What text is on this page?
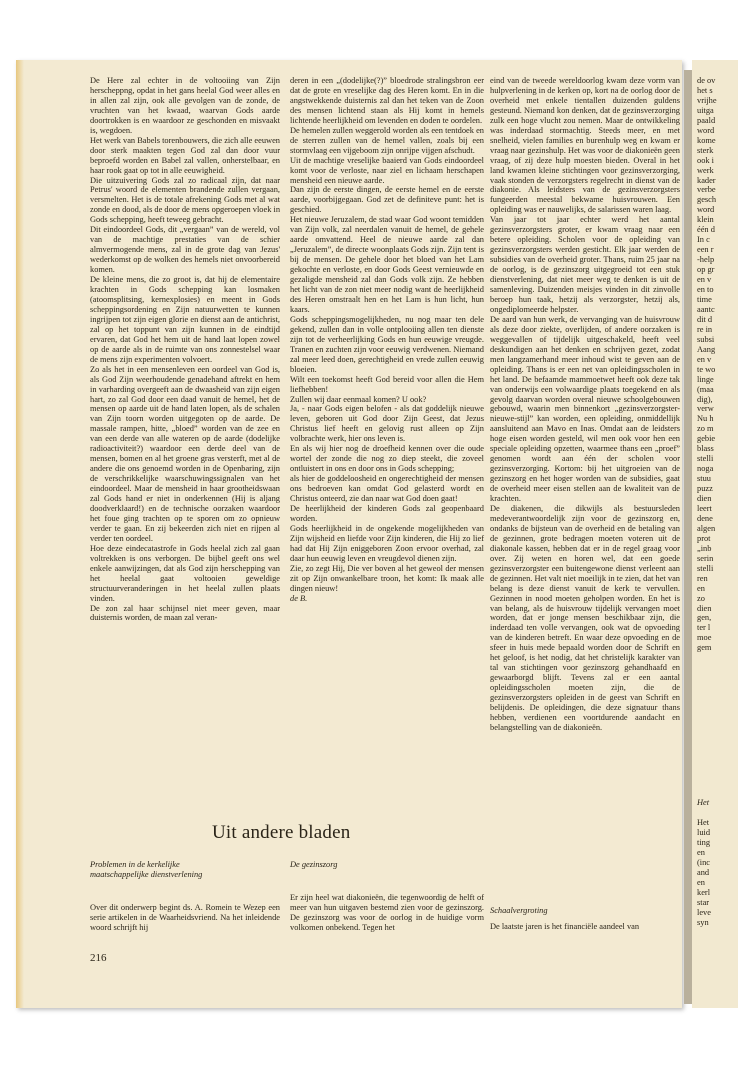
De Here zal echter in de voltooiing van Zijn herscheppng, opdat in het gans heelal God weer alles en in allen zal zijn, ook alle gevolgen van de zonde, de vruchten van het kwaad, waarvan Gods aarde doortrokken is en waardoor ze geschonden en misvaakt is, wegdoen.

Het werk van Babels torenbouwers, die zich alle eeuwen door sterk maakten tegen God zal dan door vuur beproefd worden en Babel zal vallen, onherstelbaar, en haar rook gaat op tot in alle eeuwigheid.

Die uitzuivering Gods zal zo radicaal zijn, dat naar Petrus' woord de elementen brandende zullen vergaan, versmelten. Het is de totale afrekening Gods met al wat zonde en dood, als de door de mens opgeroepen vloek in Gods schepping, heeft teweeg gebracht.

Dit eindoordeel Gods, dit „vergaan” van de wereld, vol van de machtige prestaties van de schier almvermogende mens, zal in de grote dag van Jezus' wederkomst op de wolken des hemels niet onvoorbereid komen.

De kleine mens, die zo groot is, dat hij de elementaire krachten in Gods schepping kan losmaken (atoomsplitsing, kernexplosies) en meent in Gods scheppingsordening en Zijn natuurwetten te kunnen ingrijpen tot zijn eigen glorie en dienst aan de antichrist, zal op het toppunt van zijn kunnen in de eindtijd ervaren, dat God het hem uit de hand laat lopen zowel op de aarde als in de ruimte van ons zonnestelsel waar de mens zijn experimenten volvoert.

Zo als het in een mensenleven een oordeel van God is, als God Zijn weerhoudende genadehand aftrekt en hem in varharding overgeeft aan de dwaasheid van zijn eigen hart, zo zal God door een daad vanuit de hemel, het de mensen op aarde uit de hand laten lopen, als de schalen van Zijn toorn worden uitgegoten op de aarde. De massale rampen, hitte, „bloed” worden van de zee en van een derde van alle wateren op de aarde (dodelijke radioactiviteit?) waardoor een derde deel van de mensen, bomen en al het groene gras versterft, met al de andere die ons genoemd worden in de Openbaring, zijn de verschrikkelijke waarschuwingssignalen van het eindoordeel. Maar de mensheid in haar grootheidswaan zal Gods hand er niet in onderkennen (Hij is aljang doodverklaard!) en de technische oorzaken waardoor het foue ging trachten op te sporen om zo opnieuw verder te gaan. En zij bekeerden zich niet en rijpen al verder ten oordeel.

Hoe deze eindecatastrofe in Gods heelal zich zal gaan voltrekken is ons verborgen. De bijbel geeft ons wel enkele aanwijzingen, dat als God zijn herschepping van het heelal gaat voltooien geweldige structuurveranderingen in het heelal zullen plaats vinden.

De zon zal haar schijnsel niet meer geven, maar duisternis worden, de maan zal veran-

deren in een „(dodelijke(?)” bloedrode stralingsbron eer dat de grote en vreselijke dag des Heren komt. En in die angstwekkende duisternis zal dan het teken van de Zoon des mensen lichtend staan als Hij komt in hemels lichtende heerlijkheid om levenden en doden te oordelen.

De hemelen zullen weggerold worden als een tentdoek en de sterren zullen van de hemel vallen, zoals bij een stormvlaag een vijgeboom zijn onrijpe vijgen afschudt.

Uit de machtige vreselijke baaierd van Gods eindoordeel komt voor de verloste, naar ziel en lichaam herschapen mensheid een nieuwe aarde.

Dan zijn de eerste dingen, de eerste hemel en de eerste aarde, voorbijgegaan. God zet de definiteve punt: het is geschied.

Het nieuwe Jeruzalem, de stad waar God woont temidden van Zijn volk, zal neerdalen vanuit de hemel, de gehele aarde omvattend. Heel de nieuwe aarde zal dan „Jeruzalem”, de directe woonplaats Gods zijn. Zijn tent is bij de mensen. De gehele door het bloed van het Lam gekochte en verloste, en door Gods Geest vernieuwde en gezaligde mensheid zal dan Gods volk zijn. Ze hebben het licht van de zon niet meer nodig want de heerlijkheid des Heren omstraalt hen en het Lam is hun licht, hun kaars.

Gods scheppingsmogelijkheden, nu nog maar ten dele gekend, zullen dan in volle ontplooiing allen ten dienste zijn tot de verheerlijking Gods en hun eeuwige vreugde. Tranen en zuchten zijn voor eeuwig verdwenen. Niemand zal meer leed doen, gerechtigheid en vrede zullen eeuwig bloeien.

Wilt een toekomst heeft God bereid voor allen die Hem liefhebben!

Zullen wij daar eenmaal komen? U ook?

Ja, - naar Gods eigen belofen - als dat goddelijk nieuwe leven, geboren uit God door Zijn Geest, dat Jezus Christus lief heeft en gelovig rust alleen op Zijn volbrachte werk, hier ons leven is.

En als wij hier nog de droefheid kennen over die oude wortel der zonde die nog zo diep steekt, die zoveel ontluistert in ons en door ons in Gods schepping;

als hier de goddeloosheid en ongerechtigheid der mensen ons bedroeven kan omdat God gelasterd wordt en Christus onteerd, zie dan naar wat God doen gaat!

De heerlijkheid der kinderen Gods zal geopenbaard worden.

Gods heerlijkheid in de ongekende mogelijkheden van Zijn wijsheid en liefde voor Zijn kinderen, die Hij zo lief had dat Hij Zijn eniggeboren Zoon ervoor overhad, zal daar hun eeuwig leven en vreugdevol dienen zijn.

Zie, zo zegt Hij, Die ver boven al het geweol der mensen zit op Zijn onwankelbare troon, het komt: Ik maak alle dingen nieuw!

de B.

eind van de tweede wereldoorlog kwam deze vorm van hulpverlening in de kerken op, kort na de oorlog door de overheid met enkele tientallen duizenden guldens gesteund. Niemand kon denken, dat de gezinsverzorging zulk een hoge vlucht zou nemen. Maar de ontwikkeling was inderdaad stormachtig. Steeds meer, en met snelheid, vielen families en burenhulp weg en kwam er vraag naar gezinshulp. Het was voor de diakonieën geen vraag, of zij deze hulp moesten bieden. Overal in het land kwamen kleine stichtingen voor gezinsverzorging, vaak stonden de verzorgsters regelrecht in dienst van de diakonie. Als leidsters van de gezinsverzorgsters fungeerden meestal bekwame huisvrouwen. Een opleiding was er nauwelijks, de salarissen waren laag.

Van jaar tot jaar echter werd het aantal gezinsverzorgsters groter, er kwam vraag naar een betere opleiding. Scholen voor de opleiding van gezinsverzorgsters werden gesticht. Elk jaar werden de subsidies van de overheid groter. Thans, ruim 25 jaar na de oorlog, is de gezinszorg uitgegroeid tot een stuk dienstverlening, dat niet meer weg te denken is uit de samenleving. Duizenden meisjes vinden in dit zinvolle beroep hun taak, hetzij als verzorgster, hetzij als, ongediplomeerde helpster.

De aard van hun werk, de vervanging van de huisvrouw als deze door ziekte, overlijden, of andere oorzaken is weggevallen of tijdelijk uitgeschakeld, heeft veel deskundigen aan het denken en schrijven gezet, zodat men langzamerhand meer inhoud wist te geven aan de opleiding. Thans is er een net van opleidingsscholen in het land. De befaamde mammoetwet heeft ook deze tak van onderwijs een volwaardige plaats toegekend en als gevolg daarvan worden overal nieuwe schoolgebouwen gebouwd, waarin men binnenkort „gezinsverzorgster-nieuwe-stijl” kan worden, een opleiding, onmiddellijk aansluitend aan Mavo en Inas. Omdat aan de leidsters hoge eisen worden gesteld, wil men ook voor hen een speciale opleiding opzetten, waarmee thans een „proef” genomen wordt aan één der scholen voor gezinsverzorging. Kortom: bij het uitgroeien van de gezinszorg en het hoger worden van de subsidies, gaat de overheid meer eisen stellen aan de kwaliteit van de krachten.

De diakenen, die dikwijls als bestuursleden medeverantwoordelijk zijn voor de gezinszorg en, ondanks de bijsteun van de overheid en de betaling van de gezinnen, grote bedragen moeten voteren uit de diakonale kassen, hebben dat er in de regel graag voor over. Zij weten en horen wel, dat een goede gezinsverzorgster een buitengewone dienst verleent aan de gezinnen. Het valt niet moeilijk in te zien, dat het van belang is deze dienst vanuit de kerk te vervullen. Gezinnen in nood moeten geholpen worden. En het is van belang, als de huisvrouw tijdelijk vervangen moet worden, dat er jonge mensen beschikbaar zijn, die inderdaad ten volle vervangen, ook wat de opvoeding van de kinderen betreft. En waar deze opvoeding en de sfeer in huis mede bepaald worden door de Schrift en het geloof, is het nodig, dat het christelijk karakter van tal van stichtingen voor gezinszorg gehandhaafd en gewaarborgd blijft. Tevens zal er een aantal opleidingsscholen moeten zijn, die de gezinsverzorgsters opleiden in de geest van Schrift en belijdenis. De opleidingen, die deze signatuur thans hebben, verdienen een voortdurende aandacht en belangstelling van de diakonieën.

Uit andere bladen
Problemen in de kerkelijke
maatschappelijke dienstverlening

Over dit onderwerp begint ds. A. Romein te Wezep een serie artikelen in de Waarheidsvriend. Na het inleidende woord schrijft hij

De gezinszorg

Er zijn heel wat diakonieën, die tegenwoordig de helft of meer van hun uitgaven bestemd zien voor de gezinszorg. De gezinszorg was voor de oorlog in de huidige vorm volkomen onbekend. Tegen het

Schaalvergroting

De laatste jaren is het financiële aandeel van

216
de ov
het s
vrijhe
uitga
paald
word
kome
sterk
ook i
werk
kader
verbe
gesch
word
klein
één d
In c
een r
-help
op gr
en v
en to
time
aantc
dit d
re in
subsi
Aang
en v
te wo
linge
(maa
dig),
verw
Nu h
zo m
gebie
blass
stelli
noga
stuu
puzz
dien
leert
dene
algen
prot
„inb
serin
stelli
ren
en
zo
dien
gen,
ter l
moe
gem
Het
Het
luid
ting
en
(inc
and
en
kerl
star
leve
syn
